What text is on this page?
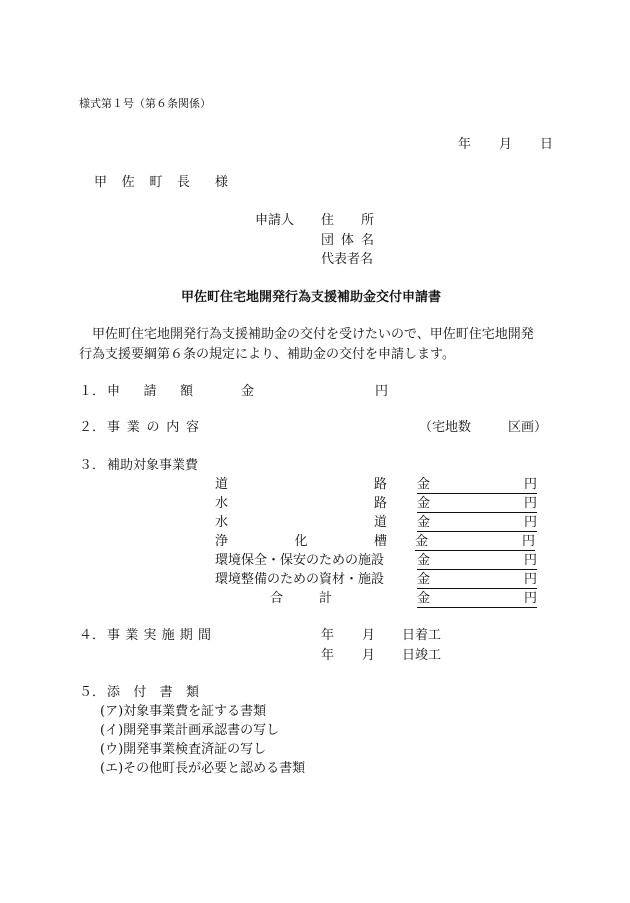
様式第１号（第６条関係）
年 月 日
甲 佐 町 長 様
申請人 住 所
団 体 名
代表者名
甲佐町住宅地開発行為支援補助金交付申請書
甲佐町住宅地開発行為支援補助金の交付を受けたいので、甲佐町住宅地開発
行為支援要綱第６条の規定により、補助金の交付を申請します。
１． 申 請 額	金	円
２． 事 業 の 内 容	（宅地数	区画）
３． 補助対象事業費
道	路 金	円
水	路 金	円
水	道 金	円
浄	化	槽 金	円
環境保全・保安のための施設	金	円
環境整備のための資材・施設	金	円
合	計	金	円
４． 事 業 実 施 期 間	年 月 日着工
年 月 日竣工
５． 添 付 書 類
(ア)対象事業費を証する書類
(イ)開発事業計画承認書の写し
(ウ)開発事業検査済証の写し
(エ)その他町長が必要と認める書類
